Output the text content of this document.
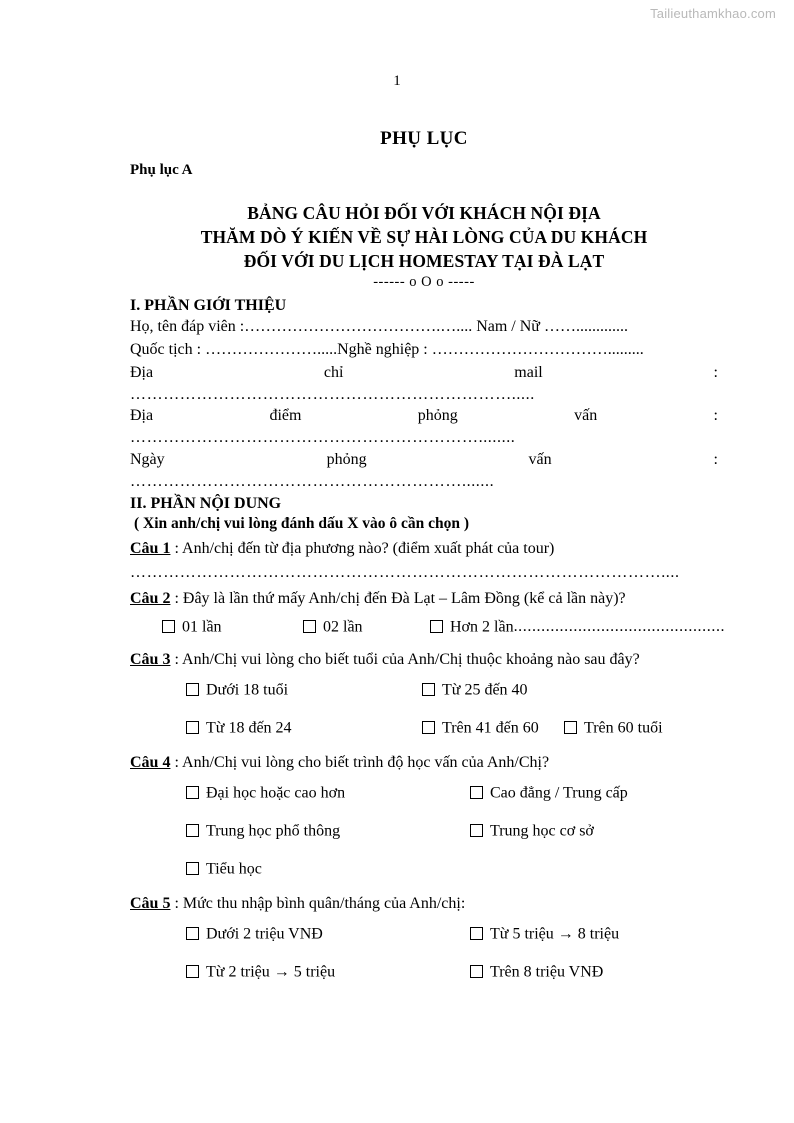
Tailieuthamkhao.com
1
PHỤ LỤC
Phụ lục A
BẢNG CÂU HỎI ĐỐI VỚI KHÁCH NỘI ĐỊA
THĂM DÒ Ý KIẾN VỀ SỰ HÀI LÒNG CỦA DU KHÁCH
ĐỐI VỚI DU LỊCH HOMESTAY TẠI ĐÀ LẠT
------ o O o -----
I. PHẦN GIỚI THIỆU
Họ, tên đáp viên :……………………………….….... Nam / Nữ …….............
Quốc tịch : ………………….....Nghề nghiệp : …………………………….........
Địa	chỉ	mail	:
…………………………………………………………….....
Địa	điểm	phỏng	vấn	:
………………………………………………………........
Ngày	phỏng	vấn	:
…………………………………………………….......
II. PHẦN NỘI DUNG
( Xin anh/chị vui lòng đánh dấu X vào ô cần chọn )
Câu 1 : Anh/chị đến từ địa phương nào? (điểm xuất phát của tour)
……………………………………………………………………………………....
Câu 2 : Đây là lần thứ mấy Anh/chị đến Đà Lạt – Lâm Đồng (kể cả lần này)?
01 lần	02 lần	Hơn 2 lần..............................................
Câu 3 : Anh/Chị vui lòng cho biết tuổi của Anh/Chị thuộc khoảng nào sau đây?
Dưới 18 tuổi	Từ 25 đến 40
Từ 18 đến 24	Trên 41 đến 60	Trên 60 tuổi
Câu 4 : Anh/Chị vui lòng cho biết trình độ học vấn của Anh/Chị?
Đại học hoặc cao hơn	Cao đẳng / Trung cấp
Trung học phổ thông	Trung học cơ sở
Tiểu học
Câu 5 : Mức thu nhập bình quân/tháng của Anh/chị:
Dưới 2 triệu VNĐ	Từ 5 triệu → 8 triệu
Từ 2 triệu → 5 triệu	Trên 8 triệu VNĐ
